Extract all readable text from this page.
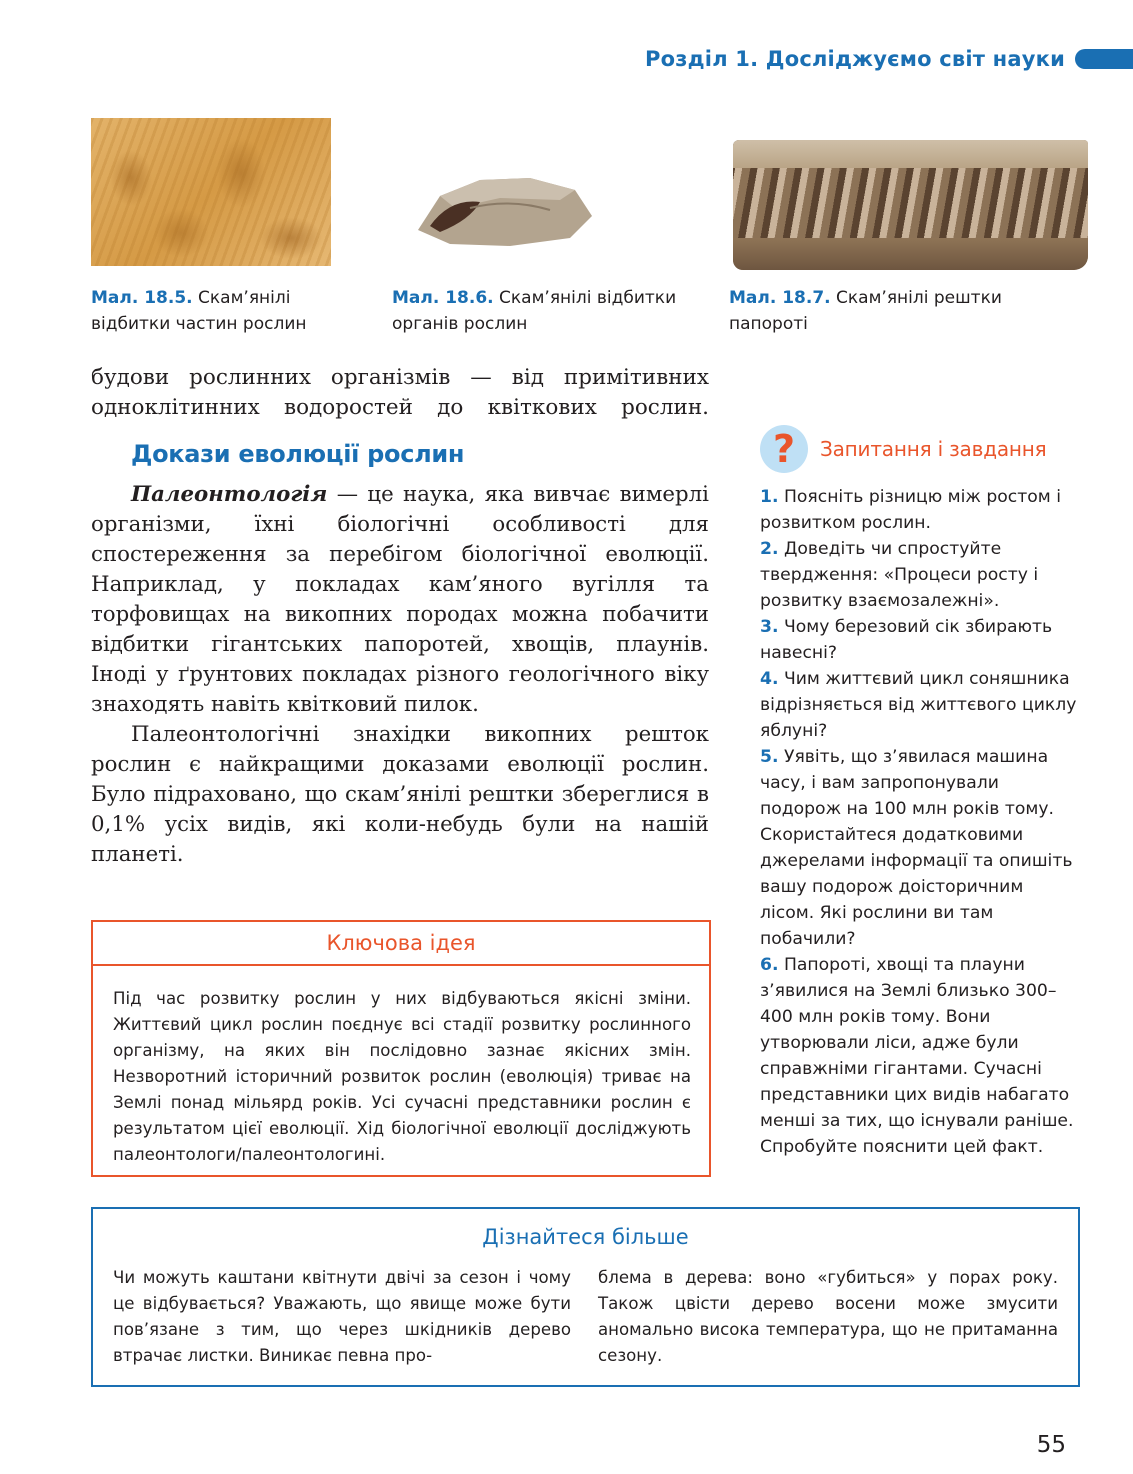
Розділ 1. Досліджуємо світ науки
Мал. 18.5. Скам’янілі відбитки частин рослин
Мал. 18.6. Скам’янілі відбитки органів рослин
Мал. 18.7. Скам’янілі рештки папороті
будови рослинних організмів — від примітивних одноклітинних водоростей до квіткових рослин.
Докази еволюції рослин

Палеонтологія — це наука, яка вивчає вимерлі організми, їхні біологічні особливості для спостереження за перебігом біологічної еволюції. Наприклад, у покладах кам’яного вугілля та торфовищах на викопних породах можна побачити відбитки гігантських папоротей, хвощів, плаунів. Іноді у ґрунтових покладах різного геологічного віку знаходять навіть квітковий пилок.

Палеонтологічні знахідки викопних решток рослин є найкращими доказами еволюції рослин. Було підраховано, що скам’янілі рештки збереглися в 0,1% усіх видів, які коли-небудь були на нашій планеті.

?	Запитання і завдання
1. Поясніть різницю між ростом і розвитком рослин.
2. Доведіть чи спростуйте твердження: «Процеси росту і розвитку взаємозалежні».
3. Чому березовий сік збирають навесні?
4. Чим життєвий цикл соняшника відрізняється від життєвого циклу яблуні?
5. Уявіть, що з’явилася машина часу, і вам запропонували подорож на 100 млн років тому. Скористайтеся додатковими джерелами інформації та опишіть вашу подорож доісторичним лісом. Які рослини ви там побачили?
6. Папороті, хвощі та плауни з’явилися на Землі близько 300–400 млн років тому. Вони утворювали ліси, адже були справжніми гігантами. Сучасні представники цих видів набагато менші за тих, що існували раніше. Спробуйте пояснити цей факт.
Ключова ідея
Під час розвитку рослин у них відбуваються якісні зміни. Життєвий цикл рослин поєднує всі стадії розвитку рослинного організму, на яких він послідовно зазнає якісних змін. Незворотний історичний розвиток рослин (еволюція) триває на Землі понад мільярд років. Усі сучасні представники рослин є результатом цієї еволюції. Хід біологічної еволюції досліджують палеонтологи/палеонтологині.
Дізнайтеся більше
Чи можуть каштани квітнути двічі за сезон і чому це відбувається? Уважають, що явище може бути пов’язане з тим, що через шкідників дерево втрачає листки. Виникає певна про-
блема в дерева: воно «губиться» у порах року. Також цвісти дерево восени може змусити аномально висока температура, що не притаманна сезону.
55
